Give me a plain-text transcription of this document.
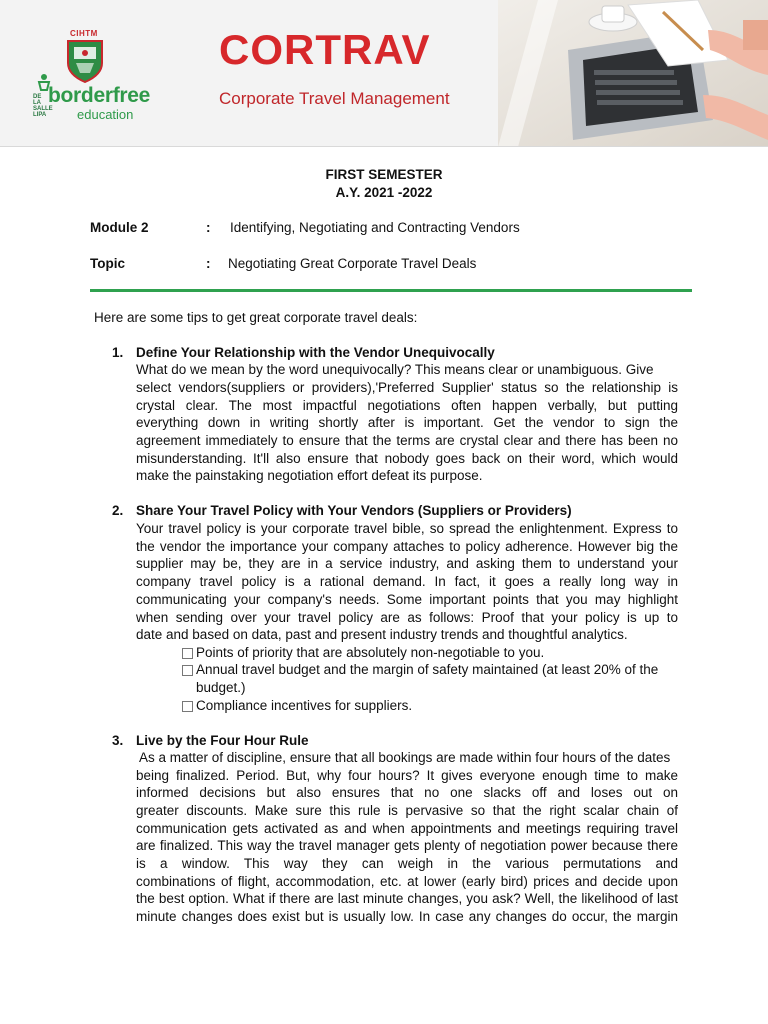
CIHTM
DE LA SALLE LIPA
borderfree
education
CORTRAV
Corporate Travel Management
FIRST SEMESTER
A.Y. 2021 -2022
Module 2	: Identifying, Negotiating and Contracting Vendors
Topic	: Negotiating Great Corporate Travel Deals
Here are some tips to get great corporate travel deals:
1. Define Your Relationship with the Vendor Unequivocally
What do we mean by the word unequivocally? This means clear or unambiguous. Give
select vendors(suppliers or providers),'Preferred Supplier' status so the relationship is
crystal clear. The most impactful negotiations often happen verbally, but putting
everything down in writing shortly after is important. Get the vendor to sign the
agreement immediately to ensure that the terms are crystal clear and there has been no
misunderstanding. It'll also ensure that nobody goes back on their word, which would
make the painstaking negotiation effort defeat its purpose.
2. Share Your Travel Policy with Your Vendors (Suppliers or Providers)
Your travel policy is your corporate travel bible, so spread the enlightenment. Express to
the vendor the importance your company attaches to policy adherence. However big the
supplier may be, they are in a service industry, and asking them to understand your
company travel policy is a rational demand. In fact, it goes a really long way in
communicating your company's needs. Some important points that you may highlight
when sending over your travel policy are as follows: Proof that your policy is up to
date and based on data, past and present industry trends and thoughtful analytics.
Points of priority that are absolutely non-negotiable to you.
Annual travel budget and the margin of safety maintained (at least 20% of the
budget.)
Compliance incentives for suppliers.
3. Live by the Four Hour Rule
As a matter of discipline, ensure that all bookings are made within four hours of the dates
being finalized. Period. But, why four hours? It gives everyone enough time to make
informed decisions but also ensures that no one slacks off and loses out on
greater discounts. Make sure this rule is pervasive so that the right scalar chain of
communication gets activated as and when appointments and meetings requiring travel
are finalized. This way the travel manager gets plenty of negotiation power because there
is a window. This way they can weigh in the various permutations and
combinations of flight, accommodation, etc. at lower (early bird) prices and decide upon
the best option. What if there are last minute changes, you ask? Well, the likelihood of last
minute changes does exist but is usually low. In case any changes do occur, the margin
